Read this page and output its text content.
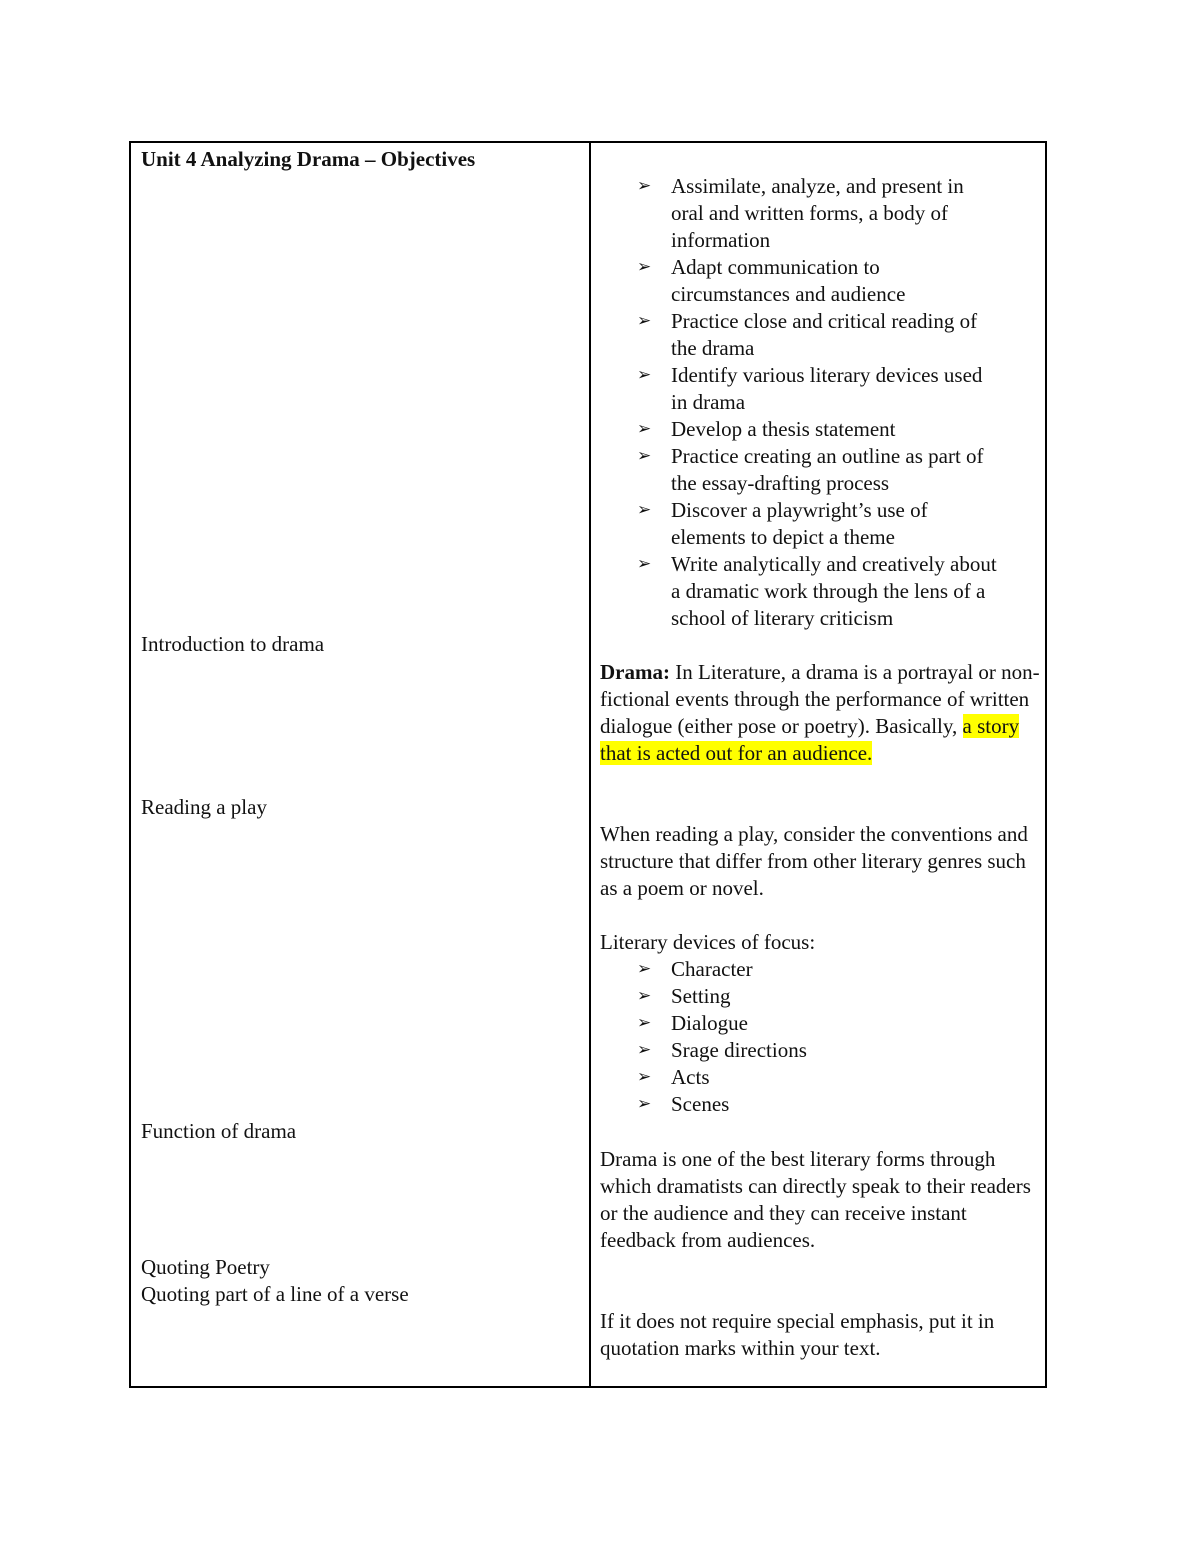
Unit 4 Analyzing Drama – Objectives

Introduction to drama

Reading a play

Function of drama

Quoting Poetry

Quoting part of a line of a verse

➢ Assimilate, analyze, and present in
oral and written forms, a body of
information
➢ Adapt communication to
circumstances and audience
➢ Practice close and critical reading of
the drama
➢ Identify various literary devices used
in drama
➢ Develop a thesis statement
➢ Practice creating an outline as part of
the essay-drafting process
➢ Discover a playwright’s use of
elements to depict a theme
➢ Write analytically and creatively about
a dramatic work through the lens of a
school of literary criticism

Drama: In Literature, a drama is a portrayal or non-fictional events through the performance of written dialogue (either pose or poetry). Basically, a story that is acted out for an audience.

When reading a play, consider the conventions and structure that differ from other literary genres such as a poem or novel.

Literary devices of focus:

➢ Character
➢ Setting
➢ Dialogue
➢ Srage directions
➢ Acts
➢ Scenes

Drama is one of the best literary forms through which dramatists can directly speak to their readers or the audience and they can receive instant feedback from audiences.

If it does not require special emphasis, put it in quotation marks within your text.
